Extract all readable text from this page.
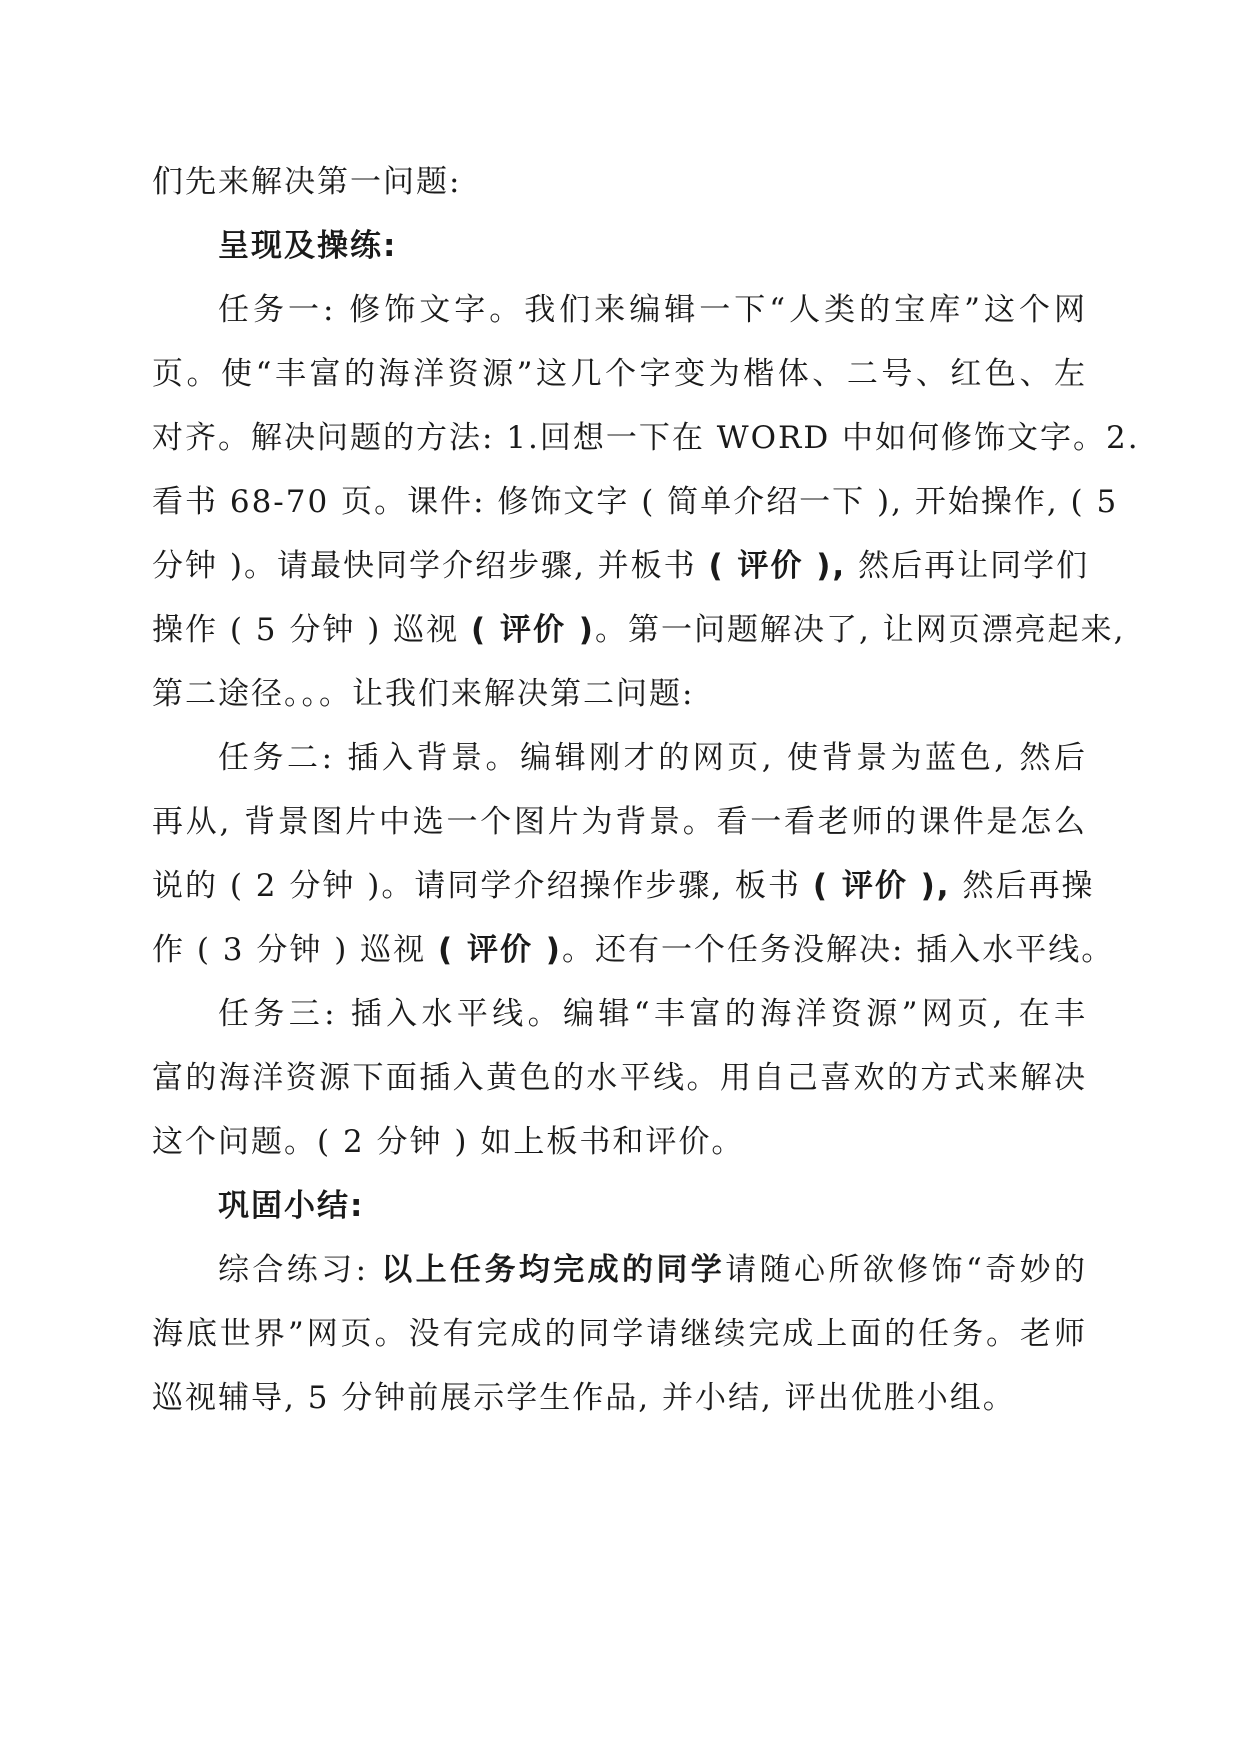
们先来解决第一问题:
呈现及操练:
任务一: 修饰文字。我们来编辑一下“人类的宝库”这个网
页。使“丰富的海洋资源”这几个字变为楷体、二号、红色、左
对齐。解决问题的方法: 1.回想一下在 WORD 中如何修饰文字。2.
看书 68-70 页。课件: 修饰文字 ( 简单介绍一下 ), 开始操作, ( 5
分钟 )。请最快同学介绍步骤, 并板书 ( 评价 ), 然后再让同学们
操作 ( 5 分钟 ) 巡视 ( 评价 )。第一问题解决了, 让网页漂亮起来,
第二途径。。。让我们来解决第二问题:
任务二: 插入背景。编辑刚才的网页, 使背景为蓝色, 然后
再从, 背景图片中选一个图片为背景。看一看老师的课件是怎么
说的 ( 2 分钟 )。请同学介绍操作步骤, 板书 ( 评价 ), 然后再操
作 ( 3 分钟 ) 巡视 ( 评价 )。还有一个任务没解决: 插入水平线。
任务三: 插入水平线。编辑“丰富的海洋资源”网页, 在丰
富的海洋资源下面插入黄色的水平线。用自己喜欢的方式来解决
这个问题。( 2 分钟 ) 如上板书和评价。
巩固小结:
综合练习: 以上任务均完成的同学请随心所欲修饰“奇妙的
海底世界”网页。没有完成的同学请继续完成上面的任务。老师
巡视辅导, 5 分钟前展示学生作品, 并小结, 评出优胜小组。
